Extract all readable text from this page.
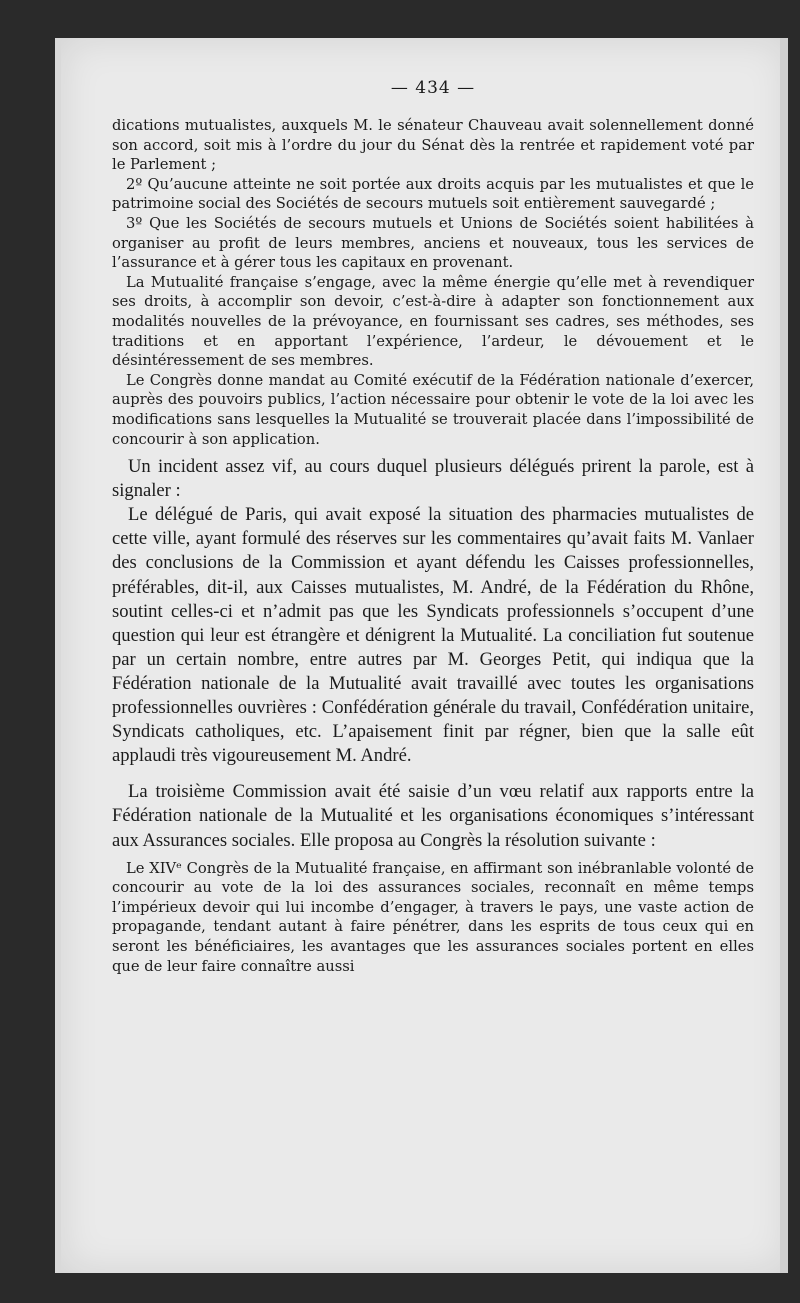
— 434 —

dications mutualistes, auxquels M. le sénateur Chauveau avait solennellement donné son accord, soit mis à l’ordre du jour du Sénat dès la rentrée et rapidement voté par le Parlement ;

2º Qu’aucune atteinte ne soit portée aux droits acquis par les mutualistes et que le patrimoine social des Sociétés de secours mutuels soit entièrement sauvegardé ;

3º Que les Sociétés de secours mutuels et Unions de Sociétés soient habilitées à organiser au profit de leurs membres, anciens et nouveaux, tous les services de l’assurance et à gérer tous les capitaux en provenant.

La Mutualité française s’engage, avec la même énergie qu’elle met à revendiquer ses droits, à accomplir son devoir, c’est-à-dire à adapter son fonctionnement aux modalités nouvelles de la prévoyance, en fournissant ses cadres, ses méthodes, ses traditions et en apportant l’expérience, l’ardeur, le dévouement et le désintéressement de ses membres.

Le Congrès donne mandat au Comité exécutif de la Fédération nationale d’exercer, auprès des pouvoirs publics, l’action nécessaire pour obtenir le vote de la loi avec les modifications sans lesquelles la Mutualité se trouverait placée dans l’impossibilité de concourir à son application.

Un incident assez vif, au cours duquel plusieurs délégués prirent la parole, est à signaler :

Le délégué de Paris, qui avait exposé la situation des pharmacies mutualistes de cette ville, ayant formulé des réserves sur les commentaires qu’avait faits M. Vanlaer des conclusions de la Commission et ayant défendu les Caisses professionnelles, préférables, dit-il, aux Caisses mutualistes, M. André, de la Fédération du Rhône, soutint celles-ci et n’admit pas que les Syndicats professionnels s’occupent d’une question qui leur est étrangère et dénigrent la Mutualité. La conciliation fut soutenue par un certain nombre, entre autres par M. Georges Petit, qui indiqua que la Fédération nationale de la Mutualité avait travaillé avec toutes les organisations professionnelles ouvrières : Confédération générale du travail, Confédération unitaire, Syndicats catholiques, etc. L’apaisement finit par régner, bien que la salle eût applaudi très vigoureusement M. André.

La troisième Commission avait été saisie d’un vœu relatif aux rapports entre la Fédération nationale de la Mutualité et les organisations économiques s’intéressant aux Assurances sociales. Elle proposa au Congrès la résolution suivante :

Le XIVᵉ Congrès de la Mutualité française, en affirmant son inébranlable volonté de concourir au vote de la loi des assurances sociales, reconnaît en même temps l’impérieux devoir qui lui incombe d’engager, à travers le pays, une vaste action de propagande, tendant autant à faire pénétrer, dans les esprits de tous ceux qui en seront les bénéficiaires, les avantages que les assurances sociales portent en elles que de leur faire connaître aussi
